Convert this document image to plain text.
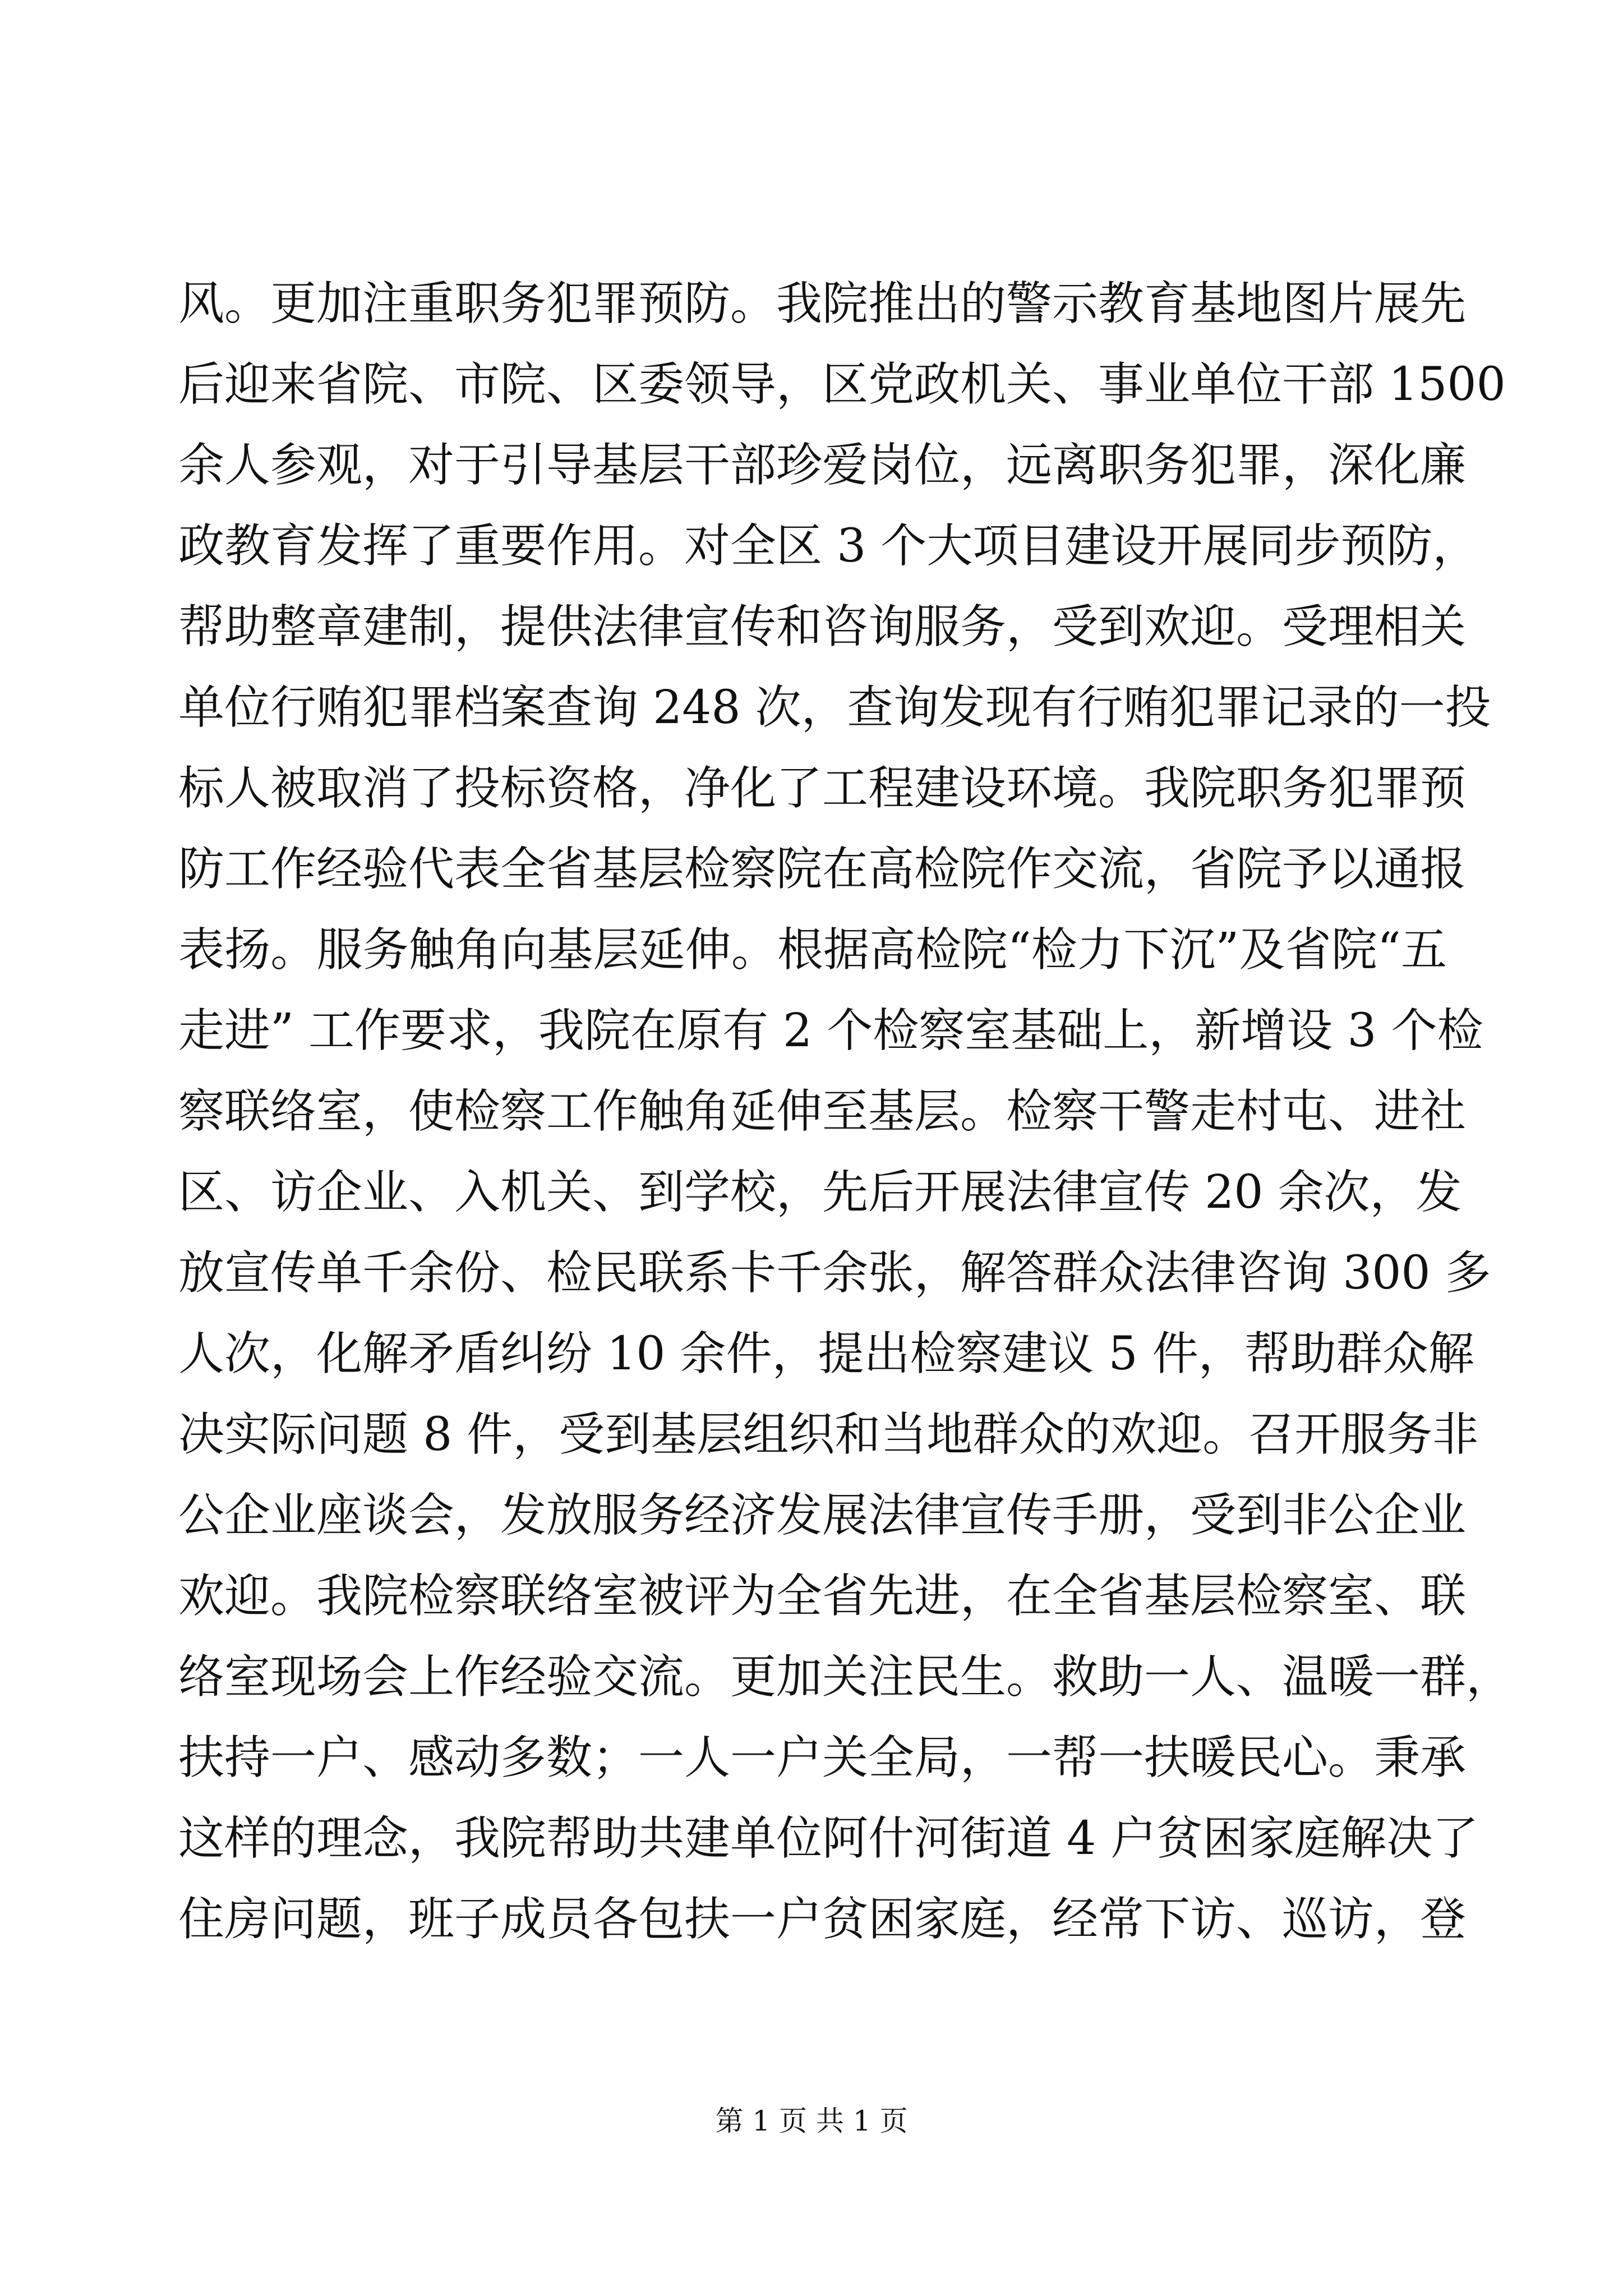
风。更加注重职务犯罪预防。我院推出的警示教育基地图片展先
后迎来省院、市院、区委领导，区党政机关、事业单位干部 1500
余人参观，对于引导基层干部珍爱岗位，远离职务犯罪，深化廉
政教育发挥了重要作用。对全区 3 个大项目建设开展同步预防，
帮助整章建制，提供法律宣传和咨询服务，受到欢迎。受理相关
单位行贿犯罪档案查询 248 次，查询发现有行贿犯罪记录的一投
标人被取消了投标资格，净化了工程建设环境。我院职务犯罪预
防工作经验代表全省基层检察院在高检院作交流，省院予以通报
表扬。服务触角向基层延伸。根据高检院“检力下沉”及省院“五
走进” 工作要求，我院在原有 2 个检察室基础上，新增设 3 个检
察联络室，使检察工作触角延伸至基层。检察干警走村屯、进社
区、访企业、入机关、到学校，先后开展法律宣传 20 余次，发
放宣传单千余份、检民联系卡千余张，解答群众法律咨询 300 多
人次，化解矛盾纠纷 10 余件，提出检察建议 5 件，帮助群众解
决实际问题 8 件，受到基层组织和当地群众的欢迎。召开服务非
公企业座谈会，发放服务经济发展法律宣传手册，受到非公企业
欢迎。我院检察联络室被评为全省先进，在全省基层检察室、联
络室现场会上作经验交流。更加关注民生。救助一人、温暖一群，
扶持一户、感动多数；一人一户关全局，一帮一扶暖民心。秉承
这样的理念，我院帮助共建单位阿什河街道 4 户贫困家庭解决了
住房问题，班子成员各包扶一户贫困家庭，经常下访、巡访，登
第 1 页 共 1 页
